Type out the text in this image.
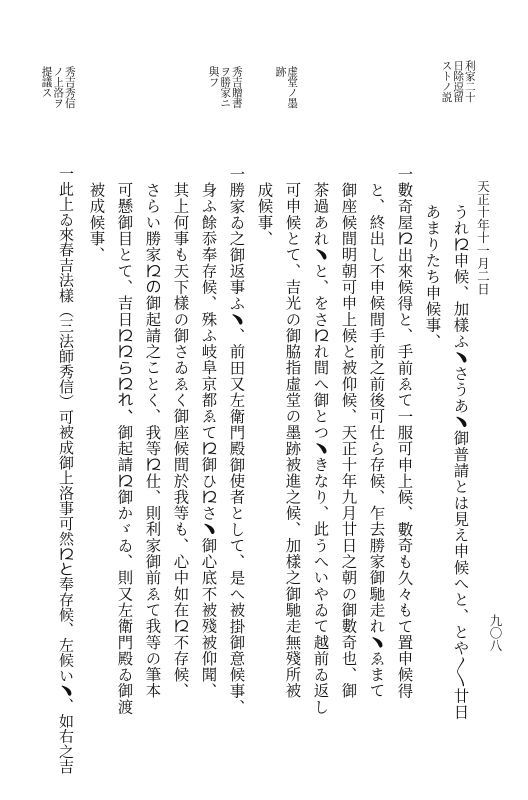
九〇八
利家二十
日除逗留
ストノ説
虚堂ノ墨
跡
秀吉贈書
ヲ勝家ニ
與フ
秀吉秀信
ノ上洛ヲ
提議ス
天正十年十一月二日
うれ𛀁申候、加樣ふ﹅さうあ﹅御普請とは見え申候へと、とや〳〵廿日
あまりたち申候事、
一數奇屋𛀁出來候得と、手前ゑて一服可申上候、數奇も久々もて置申候得
と、終出し不申候間手前之前後可仕ら存候、乍去勝家御馳走れ﹅ゑまて
御座候間明朝可申上候と被仰候、天正十年九月廿日之朝の御數奇也、御
茶過あれ﹅と、をさ𛀁れ間へ御とつ﹅きなり、此うへいやゐて越前ゐ返し
可申候とて、吉光の御脇指虛堂の墨跡被進之候、加樣之御馳走無殘所被
成候事、
一勝家ゐ之御返事ふ﹅、前田又左衛門殿御使者として、是へ被掛御意候事、
身ふ餘忝奉存候、殊ふ岐阜京都ゑて𛀁御ひ𛀁さ﹅御心底不被殘被仰聞、
其上何事も天下樣の御さゐゑく御座候間於我等も、心中如在𛀁不存候、
さらい勝家𛀁の御起請之ことく、我等𛀁仕、則利家御前ゑて我等の筆本
可懸御目とて、吉日𛀁𛀁ら𛀁れ、御起請𛀁御かゞゐ、則又左衛門殿ゐ御渡
被成候事、
一此上ゐ來春吉法樣（三法師秀信）可被成御上洛事可然𛀁と奉存候、左候い﹅、如右之吉
